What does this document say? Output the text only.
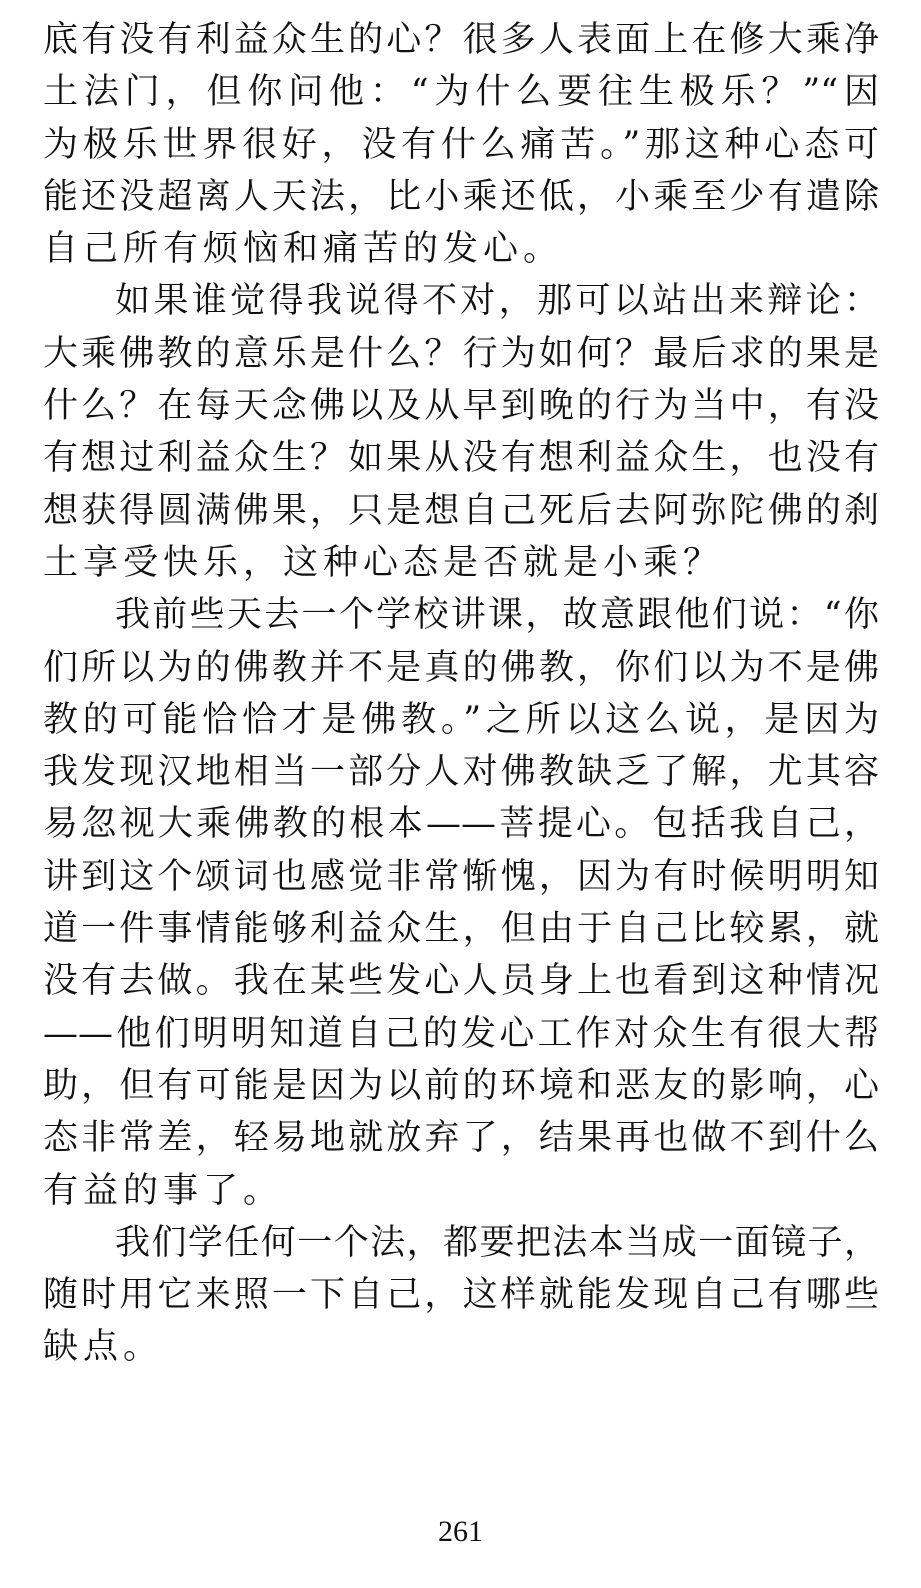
底有没有利益众生的心？很多人表面上在修大乘净
土法门，但你问他：“为什么要往生极乐？”“因
为极乐世界很好，没有什么痛苦。”那这种心态可
能还没超离人天法，比小乘还低，小乘至少有遣除
自己所有烦恼和痛苦的发心。
如果谁觉得我说得不对，那可以站出来辩论：
大乘佛教的意乐是什么？行为如何？最后求的果是
什么？在每天念佛以及从早到晚的行为当中，有没
有想过利益众生？如果从没有想利益众生，也没有
想获得圆满佛果，只是想自己死后去阿弥陀佛的刹
土享受快乐，这种心态是否就是小乘？
我前些天去一个学校讲课，故意跟他们说：“你
们所以为的佛教并不是真的佛教，你们以为不是佛
教的可能恰恰才是佛教。”之所以这么说，是因为
我发现汉地相当一部分人对佛教缺乏了解，尤其容
易忽视大乘佛教的根本——菩提心。包括我自己，
讲到这个颂词也感觉非常惭愧，因为有时候明明知
道一件事情能够利益众生，但由于自己比较累，就
没有去做。我在某些发心人员身上也看到这种情况
——他们明明知道自己的发心工作对众生有很大帮
助，但有可能是因为以前的环境和恶友的影响，心
态非常差，轻易地就放弃了，结果再也做不到什么
有益的事了。
我们学任何一个法，都要把法本当成一面镜子，
随时用它来照一下自己，这样就能发现自己有哪些
缺点。
261
